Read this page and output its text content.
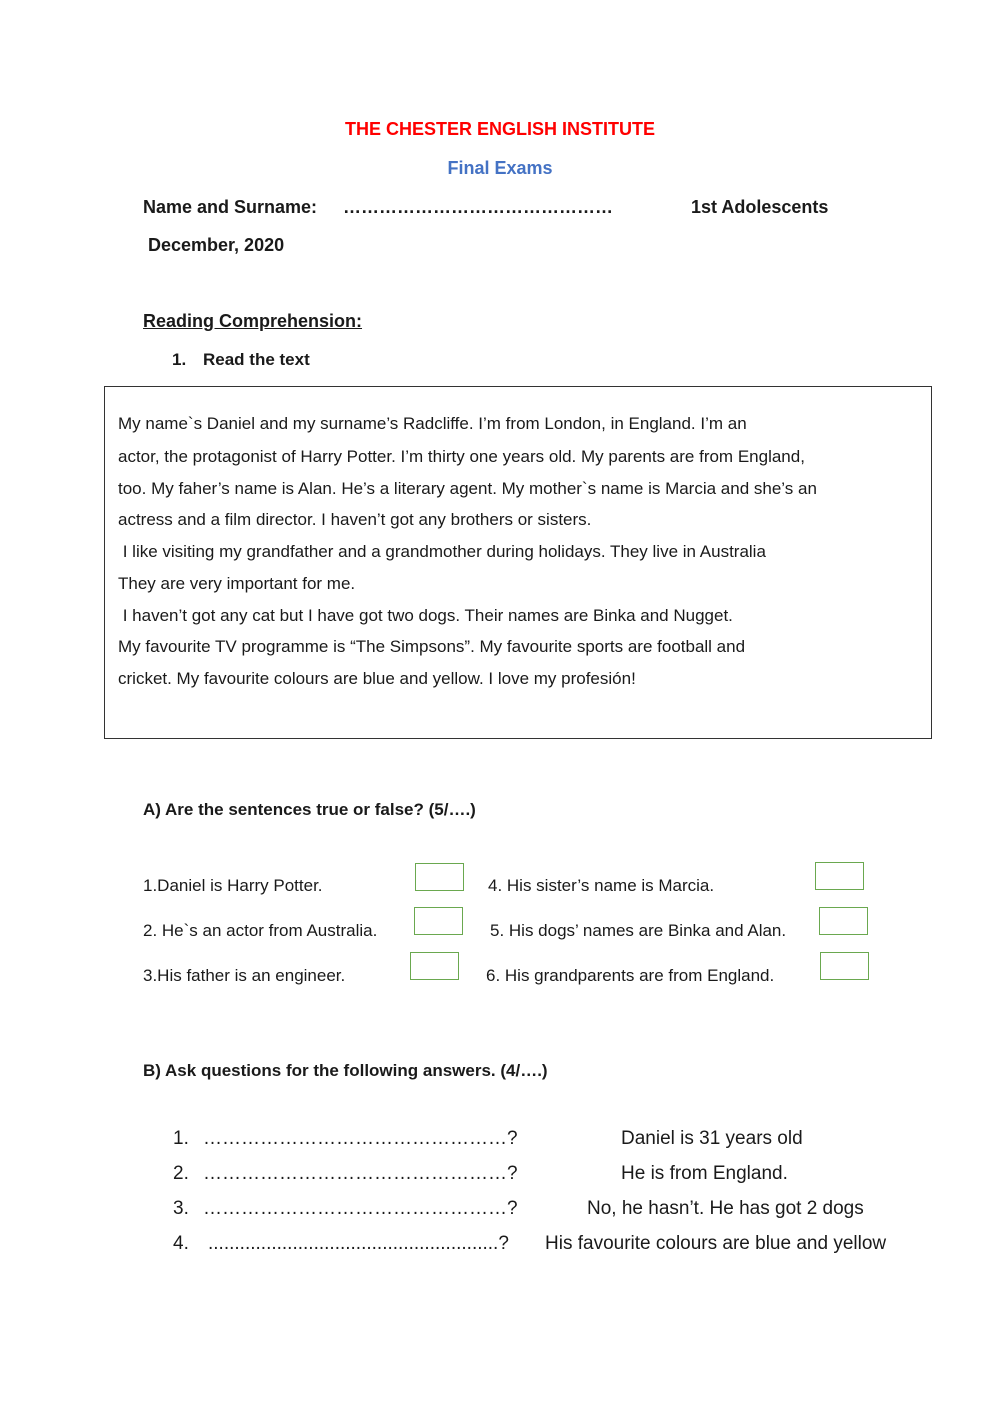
THE CHESTER ENGLISH INSTITUTE
Final Exams
Name and Surname: ………………………………………	1st Adolescents
December, 2020
Reading Comprehension:
1. Read the text
My name`s Daniel and my surname’s Radcliffe. I’m from London, in England. I’m an
actor, the protagonist of Harry Potter. I’m thirty one years old. My parents are from England,
too. My faher’s name is Alan. He’s a literary agent. My mother`s name is Marcia and she’s an
actress and a film director. I haven’t got any brothers or sisters.
I like visiting my grandfather and a grandmother during holidays. They live in Australia
They are very important for me.
I haven’t got any cat but I have got two dogs. Their names are Binka and Nugget.
My favourite TV programme is “The Simpsons”. My favourite sports are football and
cricket. My favourite colours are blue and yellow. I love my profesión!
A) Are the sentences true or false? (5/….)
1.Daniel is Harry Potter.
2. He`s an actor from Australia.
3.His father is an engineer.
4. His sister’s name is Marcia.
5. His dogs’ names are Binka and Alan.
6. His grandparents are from England.
B) Ask questions for the following answers. (4/….)
1. …………………………………………?	Daniel is 31 years old
2. …………………………………………?	He is from England.
3. …………………………………………?	No, he hasn’t. He has got 2 dogs
4. .......................................................? His favourite colours are blue and yellow
